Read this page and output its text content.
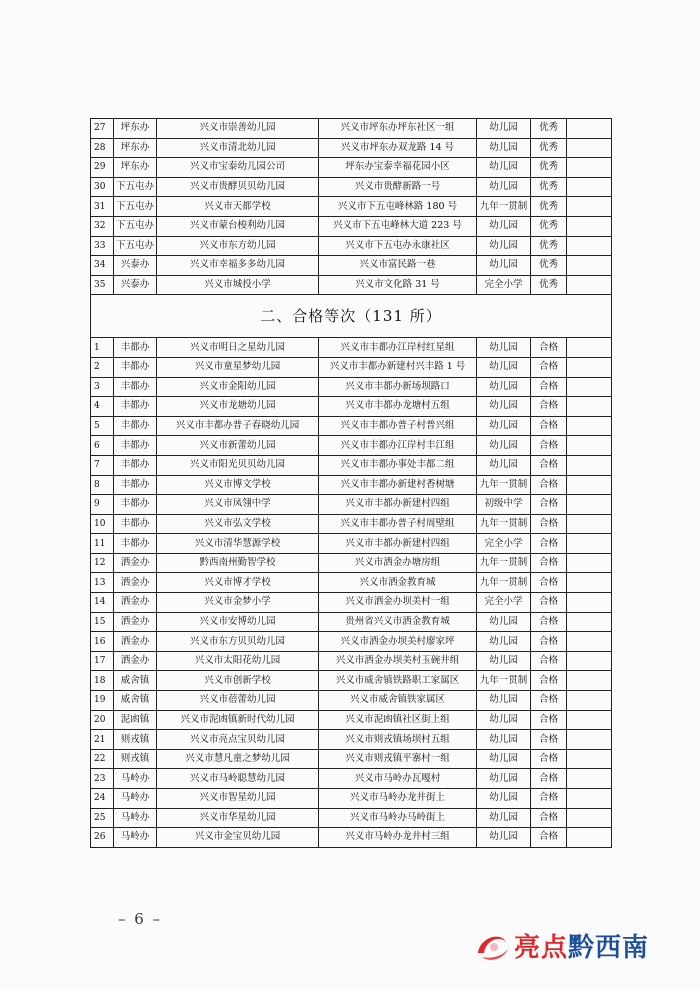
27	坪东办	兴义市崇善幼儿园	兴义市坪东办坪东社区一组	幼儿园	优秀	
28	坪东办	兴义市清北幼儿园	兴义市坪东办双龙路 14 号	幼儿园	优秀	
29	坪东办	兴义市宝泰幼儿园公司	坪东办宝泰幸福花园小区	幼儿园	优秀	
30	下五屯办	兴义市贵酵贝贝幼儿园	兴义市贵酵新路一号	幼儿园	优秀	
31	下五屯办	兴义市天都学校	兴义市下五屯峰林路 180 号	九年一贯制	优秀	
32	下五屯办	兴义市蒙台梭利幼儿园	兴义市下五屯峰林大道 223 号	幼儿园	优秀	
33	下五屯办	兴义市东方幼儿园	兴义市下五屯办永康社区	幼儿园	优秀	
34	兴泰办	兴义市幸福多多幼儿园	兴义市富民路一巷	幼儿园	优秀	
35	兴泰办	兴义市城投小学	兴义市文化路 31 号	完全小学	优秀	
二、合格等次（131 所）						
1	丰都办	兴义市明日之星幼儿园	兴义市丰都办江岸村红星组	幼儿园	合格	
2	丰都办	兴义市童星梦幼儿园	兴义市丰都办新建村兴丰路 1 号	幼儿园	合格	
3	丰都办	兴义市金阳幼儿园	兴义市丰都办新场坝路口	幼儿园	合格	
4	丰都办	兴义市龙塘幼儿园	兴义市丰都办龙塘村五组	幼儿园	合格	
5	丰都办	兴义市丰都办普子春晓幼儿园	兴义市丰都办普子村普兴组	幼儿园	合格	
6	丰都办	兴义市新蕾幼儿园	兴义市丰都办江岸村丰江组	幼儿园	合格	
7	丰都办	兴义市阳光贝贝幼儿园	兴义市丰都办事处丰都二组	幼儿园	合格	
8	丰都办	兴义市博文学校	兴义市丰都办新建村香树塘	九年一贯制	合格	
9	丰都办	兴义市凤翎中学	兴义市丰都办新建村四组	初级中学	合格	
10	丰都办	兴义市弘文学校	兴义市丰都办普子村周壁组	九年一贯制	合格	
11	丰都办	兴义市清华慧源学校	兴义市丰都办新建村四组	完全小学	合格	
12	洒金办	黔西南州勤智学校	兴义市洒金办塘房组	九年一贯制	合格	
13	洒金办	兴义市博才学校	兴义市洒金教育城	九年一贯制	合格	
14	洒金办	兴义市金梦小学	兴义市洒金办坝美村一组	完全小学	合格	
15	洒金办	兴义市安博幼儿园	贵州省兴义市洒金教育城	幼儿园	合格	
16	洒金办	兴义市东方贝贝幼儿园	兴义市洒金办坝美村廖家坪	幼儿园	合格	
17	洒金办	兴义市太阳花幼儿园	兴义市洒金办坝美村玉碗井组	幼儿园	合格	
18	威舍镇	兴义市创新学校	兴义市威舍镇铁路职工家属区	九年一贯制	合格	
19	威舍镇	兴义市蓓蕾幼儿园	兴义市威舍镇铁家属区	幼儿园	合格	
20	泥凼镇	兴义市泥凼镇新时代幼儿园	兴义市泥凼镇社区街上组	幼儿园	合格	
21	则戎镇	兴义市亮点宝贝幼儿园	兴义市则戎镇场坝村五组	幼儿园	合格	
22	则戎镇	兴义市慧凡童之梦幼儿园	兴义市则戎镇平寨村一组	幼儿园	合格	
23	马岭办	兴义市马岭聪慧幼儿园	兴义市马岭办瓦嘎村	幼儿园	合格	
24	马岭办	兴义市智星幼儿园	兴义市马岭办龙井街上	幼儿园	合格	
25	马岭办	兴义市华星幼儿园	兴义市马岭办马岭街上	幼儿园	合格	
26	马岭办	兴义市金宝贝幼儿园	兴义市马岭办龙井村三组	幼儿园	合格	
– 6 –
亮点黔西南
